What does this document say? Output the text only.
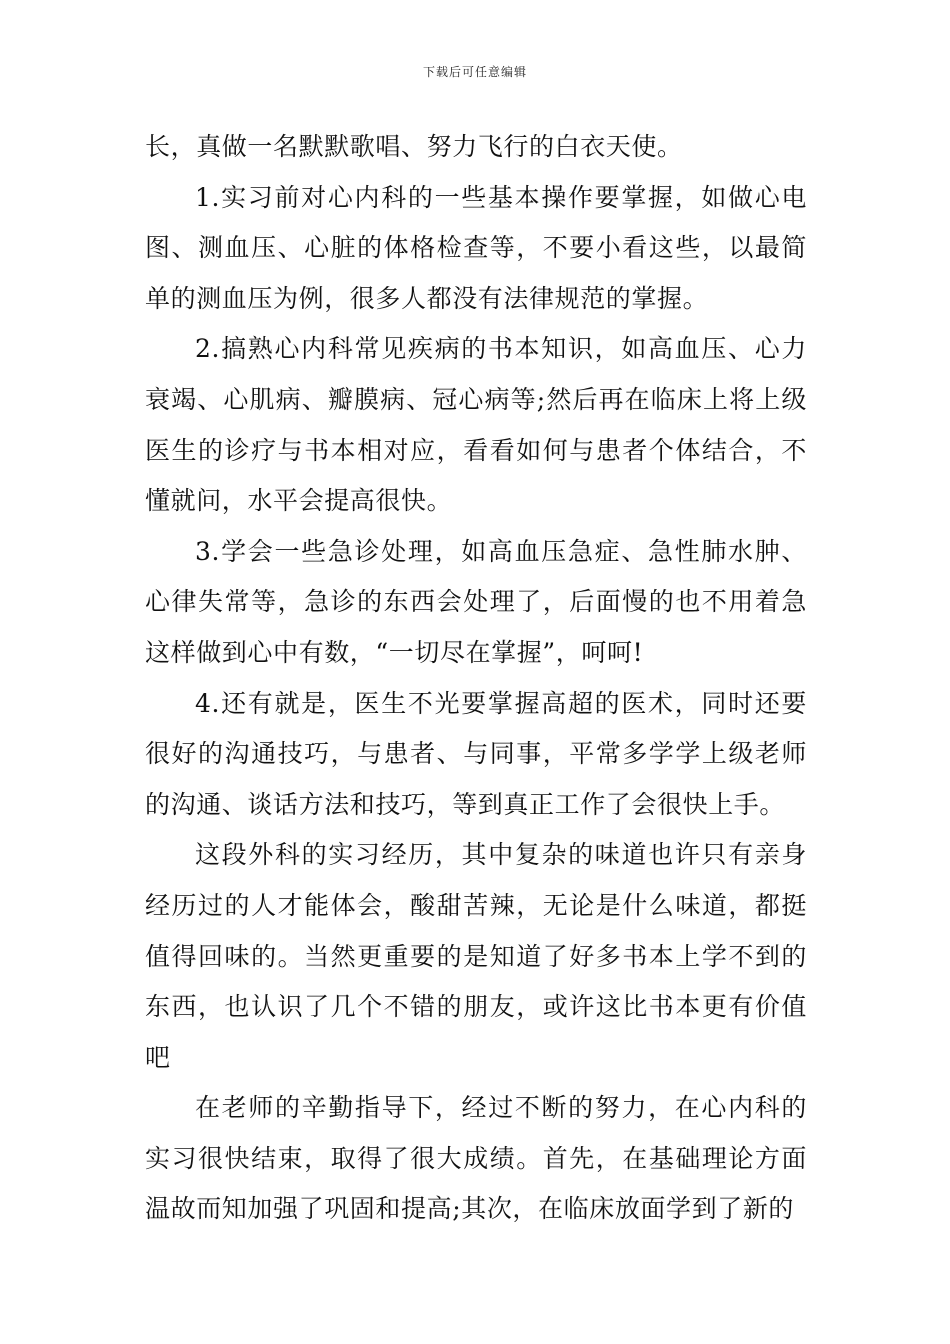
下载后可任意编辑

长，真做一名默默歌唱、努力飞行的白衣天使。

1.实习前对心内科的一些基本操作要掌握，如做心电图、测血压、心脏的体格检查等，不要小看这些，以最简单的测血压为例，很多人都没有法律规范的掌握。

2.搞熟心内科常见疾病的书本知识，如高血压、心力衰竭、心肌病、瓣膜病、冠心病等;然后再在临床上将上级医生的诊疗与书本相对应，看看如何与患者个体结合，不懂就问，水平会提高很快。

3.学会一些急诊处理，如高血压急症、急性肺水肿、心律失常等，急诊的东西会处理了，后面慢的也不用着急这样做到心中有数，“一切尽在掌握”，呵呵!

4.还有就是，医生不光要掌握高超的医术，同时还要很好的沟通技巧，与患者、与同事，平常多学学上级老师的沟通、谈话方法和技巧，等到真正工作了会很快上手。

这段外科的实习经历，其中复杂的味道也许只有亲身经历过的人才能体会，酸甜苦辣，无论是什么味道，都挺值得回味的。当然更重要的是知道了好多书本上学不到的东西，也认识了几个不错的朋友，或许这比书本更有价值吧

在老师的辛勤指导下，经过不断的努力，在心内科的实习很快结束，取得了很大成绩。首先，在基础理论方面温故而知加强了巩固和提高;其次，在临床放面学到了新的
